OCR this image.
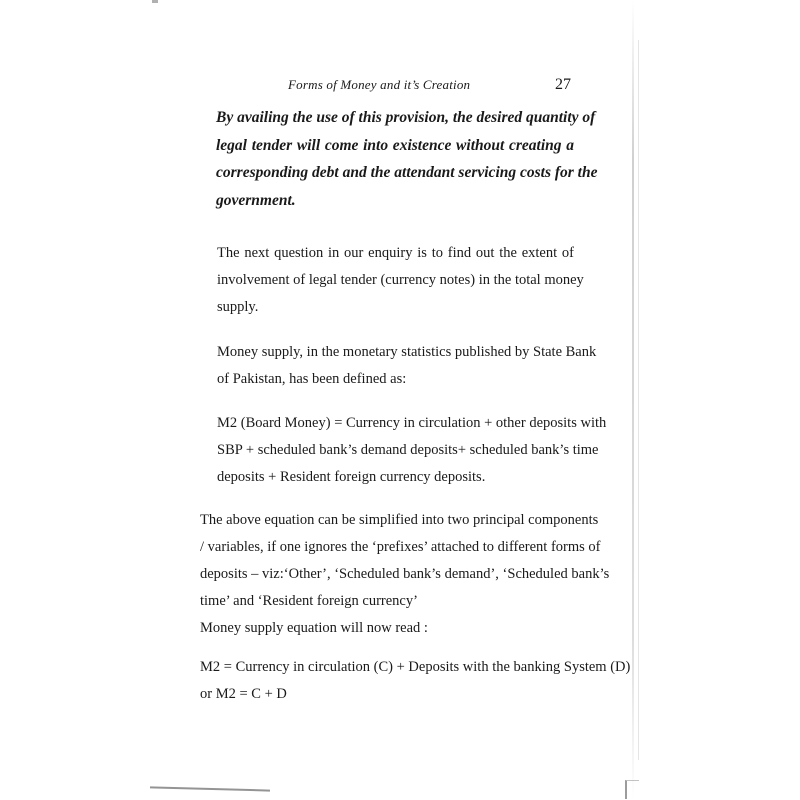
Forms of Money and it’s Creation	27
By availing the use of this provision, the desired quantity of
legal tender will come into existence without creating a
corresponding debt and the attendant servicing costs for the
government.
The next question in our enquiry is to find out the extent of
involvement of legal tender (currency notes) in the total money
supply.
Money supply, in the monetary statistics published by State Bank
of Pakistan, has been defined as:
M2 (Board Money) = Currency in circulation + other deposits with
SBP + scheduled bank’s demand deposits+ scheduled bank’s time
deposits + Resident foreign currency deposits.
The above equation can be simplified into two principal components
/ variables, if one ignores the ‘prefixes’ attached to different forms of
deposits – viz:‘Other’, ‘Scheduled bank’s demand’, ‘Scheduled bank’s
time’ and ‘Resident foreign currency’
Money supply equation will now read :
M2 = Currency in circulation (C) + Deposits with the banking System (D)
or M2 = C + D
